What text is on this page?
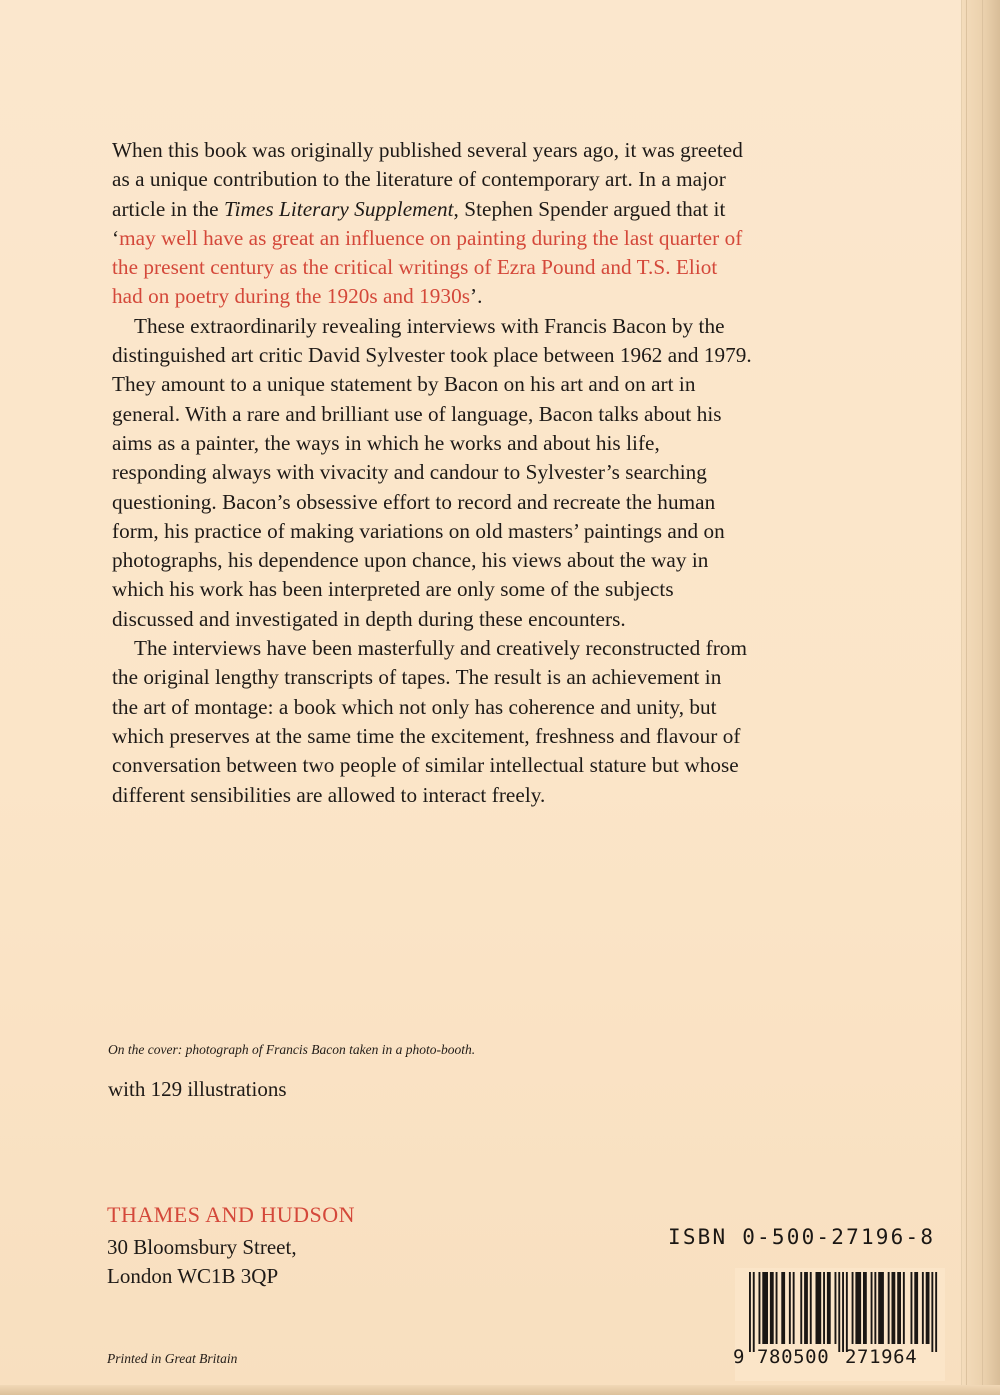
When this book was originally published several years ago, it was greeted as a unique contribution to the literature of contemporary art. In a major article in the Times Literary Supplement, Stephen Spender argued that it ‘may well have as great an influence on painting during the last quarter of the present century as the critical writings of Ezra Pound and T.S. Eliot had on poetry during the 1920s and 1930s’.

These extraordinarily revealing interviews with Francis Bacon by the distinguished art critic David Sylvester took place between 1962 and 1979. They amount to a unique statement by Bacon on his art and on art in general. With a rare and brilliant use of language, Bacon talks about his aims as a painter, the ways in which he works and about his life, responding always with vivacity and candour to Sylvester’s searching questioning. Bacon’s obsessive effort to record and recreate the human form, his practice of making variations on old masters’ paintings and on photographs, his dependence upon chance, his views about the way in which his work has been interpreted are only some of the subjects discussed and investigated in depth during these encounters.

The interviews have been masterfully and creatively reconstructed from the original lengthy transcripts of tapes. The result is an achievement in the art of montage: a book which not only has coherence and unity, but which preserves at the same time the excitement, freshness and flavour of conversation between two people of similar intellectual stature but whose different sensibilities are allowed to interact freely.

On the cover: photograph of Francis Bacon taken in a photo-booth.
with 129 illustrations
THAMES AND HUDSON
30 Bloomsbury Street,
London WC1B 3QP
ISBN 0-500-27196-8
9 780500 271964
Printed in Great Britain
